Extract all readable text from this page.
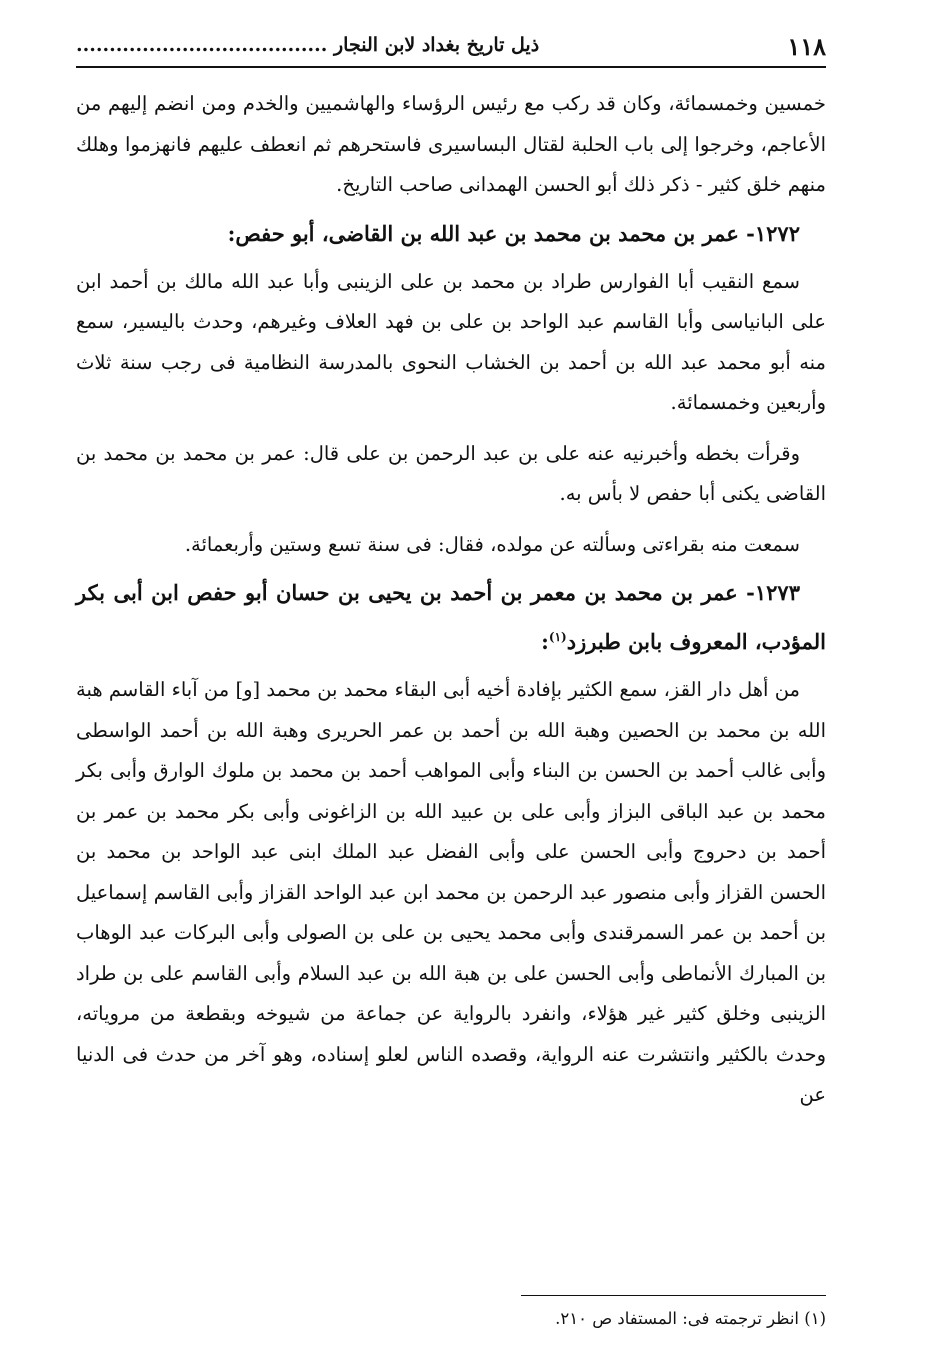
١١٨
ذيل تاريخ بغداد لابن النجار ......................................

خمسين وخمسمائة، وكان قد ركب مع رئيس الرؤساء والهاشميين والخدم ومن انضم إليهم من الأعاجم، وخرجوا إلى باب الحلبة لقتال البساسيرى فاستحرهم ثم انعطف عليهم فانهزموا وهلك منهم خلق كثير - ذكر ذلك أبو الحسن الهمدانى صاحب التاريخ.

١٢٧٢- عمر بن محمد بن محمد بن عبد الله بن القاضى، أبو حفص:

سمع النقيب أبا الفوارس طراد بن محمد بن على الزينبى وأبا عبد الله مالك بن أحمد ابن على البانياسى وأبا القاسم عبد الواحد بن على بن فهد العلاف وغيرهم، وحدث باليسير، سمع منه أبو محمد عبد الله بن أحمد بن الخشاب النحوى بالمدرسة النظامية فى رجب سنة ثلاث وأربعين وخمسمائة.

وقرأت بخطه وأخبرنيه عنه على بن عبد الرحمن بن على قال: عمر بن محمد بن محمد بن القاضى يكنى أبا حفص لا بأس به.

سمعت منه بقراءتى وسألته عن مولده، فقال: فى سنة تسع وستين وأربعمائة.

١٢٧٣- عمر بن محمد بن معمر بن أحمد بن يحيى بن حسان أبو حفص ابن أبى بكر المؤدب، المعروف بابن طبرزد$^{(١)}$:

من أهل دار القز، سمع الكثير بإفادة أخيه أبى البقاء محمد بن محمد [و] من آباء القاسم هبة الله بن محمد بن الحصين وهبة الله بن أحمد بن عمر الحريرى وهبة الله بن أحمد الواسطى وأبى غالب أحمد بن الحسن بن البناء وأبى المواهب أحمد بن محمد بن ملوك الوارق وأبى بكر محمد بن عبد الباقى البزاز وأبى على بن عبيد الله بن الزاغونى وأبى بكر محمد بن عمر بن أحمد بن دحروج وأبى الحسن على وأبى الفضل عبد الملك ابنى عبد الواحد بن محمد بن الحسن القزاز وأبى منصور عبد الرحمن بن محمد ابن عبد الواحد القزاز وأبى القاسم إسماعيل بن أحمد بن عمر السمرقندى وأبى محمد يحيى بن على بن الصولى وأبى البركات عبد الوهاب بن المبارك الأنماطى وأبى الحسن على بن هبة الله بن عبد السلام وأبى القاسم على بن طراد الزينبى وخلق كثير غير هؤلاء، وانفرد بالرواية عن جماعة من شيوخه وبقطعة من مروياته، وحدث بالكثير وانتشرت عنه الرواية، وقصده الناس لعلو إسناده، وهو آخر من حدث فى الدنيا عن

(١) انظر ترجمته فى: المستفاد ص ٢١٠.
